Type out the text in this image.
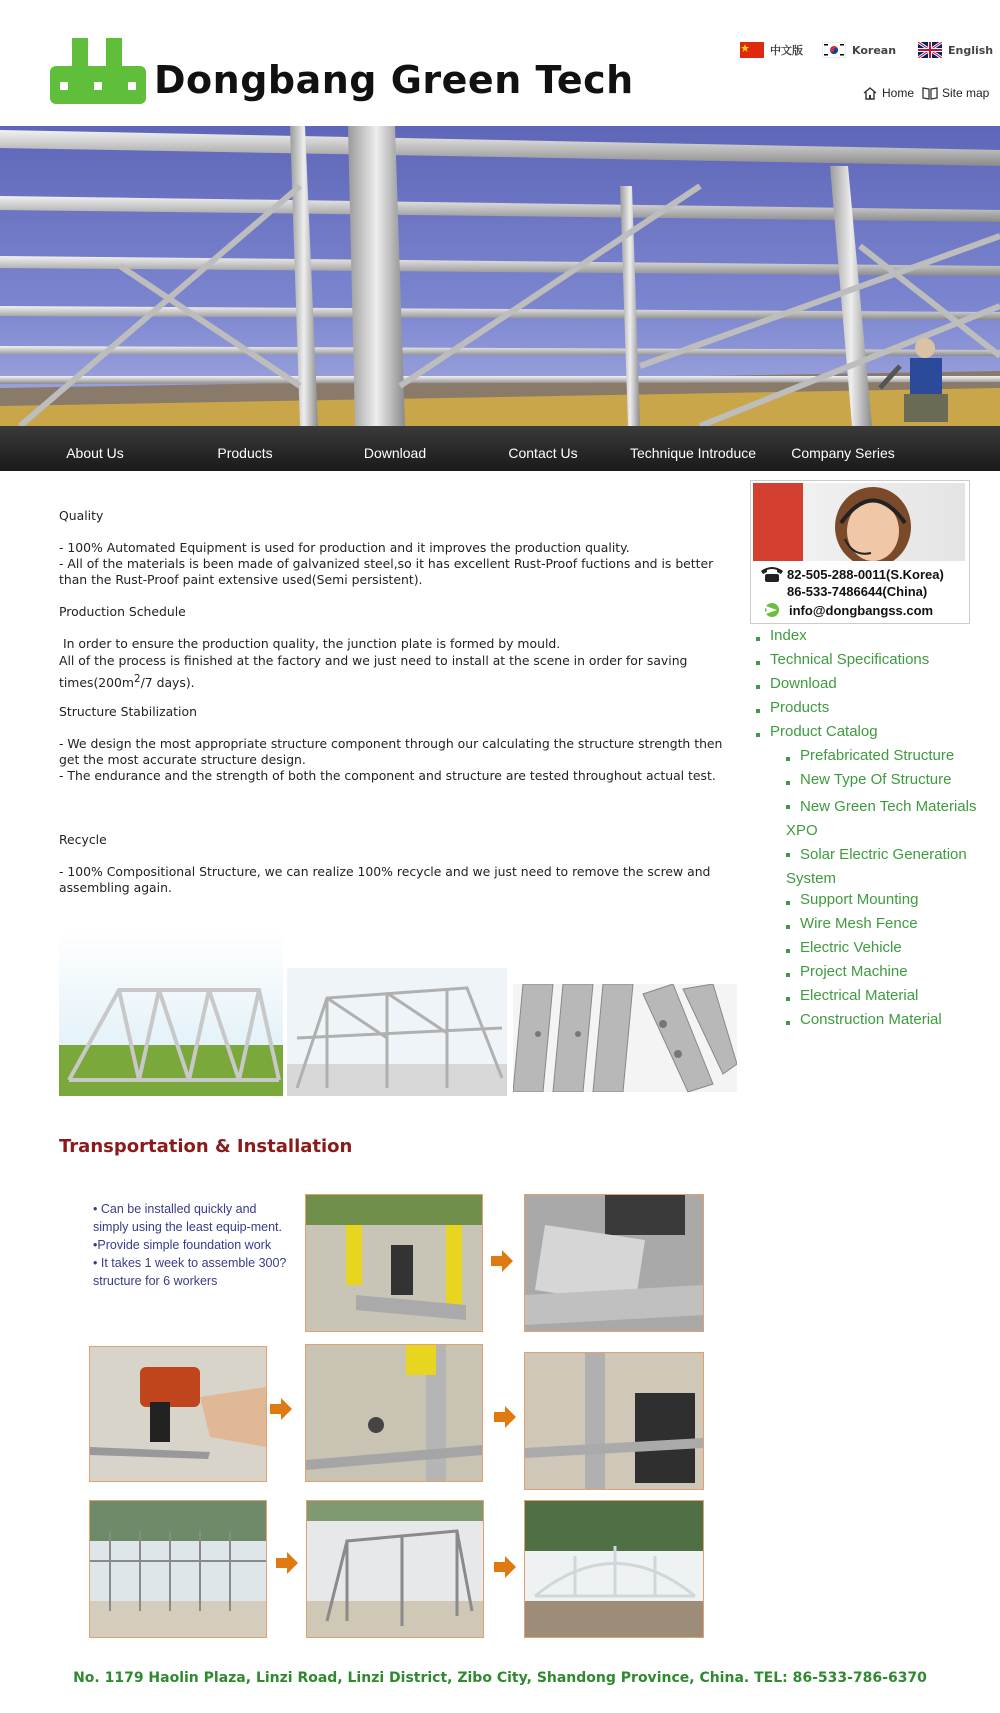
Dongbang Green Tech
中文版	Korean	English
Home Site map
About Us	Products	Download	Contact Us	Technique Introduce	Company Series
Quality
- 100% Automated Equipment is used for production and it improves the production quality.
- All of the materials is been made of galvanized steel,so it has excellent Rust-Proof fuctions and is better than the Rust-Proof paint extensive used(Semi persistent).
Production Schedule
In order to ensure the production quality, the junction plate is formed by mould.
All of the process is finished at the factory and we just need to install at the scene in order for saving $times(200m^2/7$ days).
Structure Stabilization
- We design the most appropriate structure component through our calculating the structure strength then get the most accurate structure design.
- The endurance and the strength of both the component and structure are tested throughout actual test.
Recycle
- 100% Compositional Structure, we can realize 100% recycle and we just need to remove the screw and assembling again.
Transportation & Installation
• Can be installed quickly and simply using the least equip-ment.
•Provide simple foundation work
• It takes 1 week to assemble 300? structure for 6 workers
82-505-288-0011(S.Korea)
86-533-7486644(China)
info@dongbangss.com
Index
Technical Specifications
Download
Products
Product Catalog
Prefabricated Structure
New Type Of Structure
New Green Tech Materials XPO
Solar Electric Generation System
Support Mounting
Wire Mesh Fence
Electric Vehicle
Project Machine
Electrical Material
Construction Material
No. 1179 Haolin Plaza, Linzi Road, Linzi District, Zibo City, Shandong Province, China. TEL: 86-533-786-6370
